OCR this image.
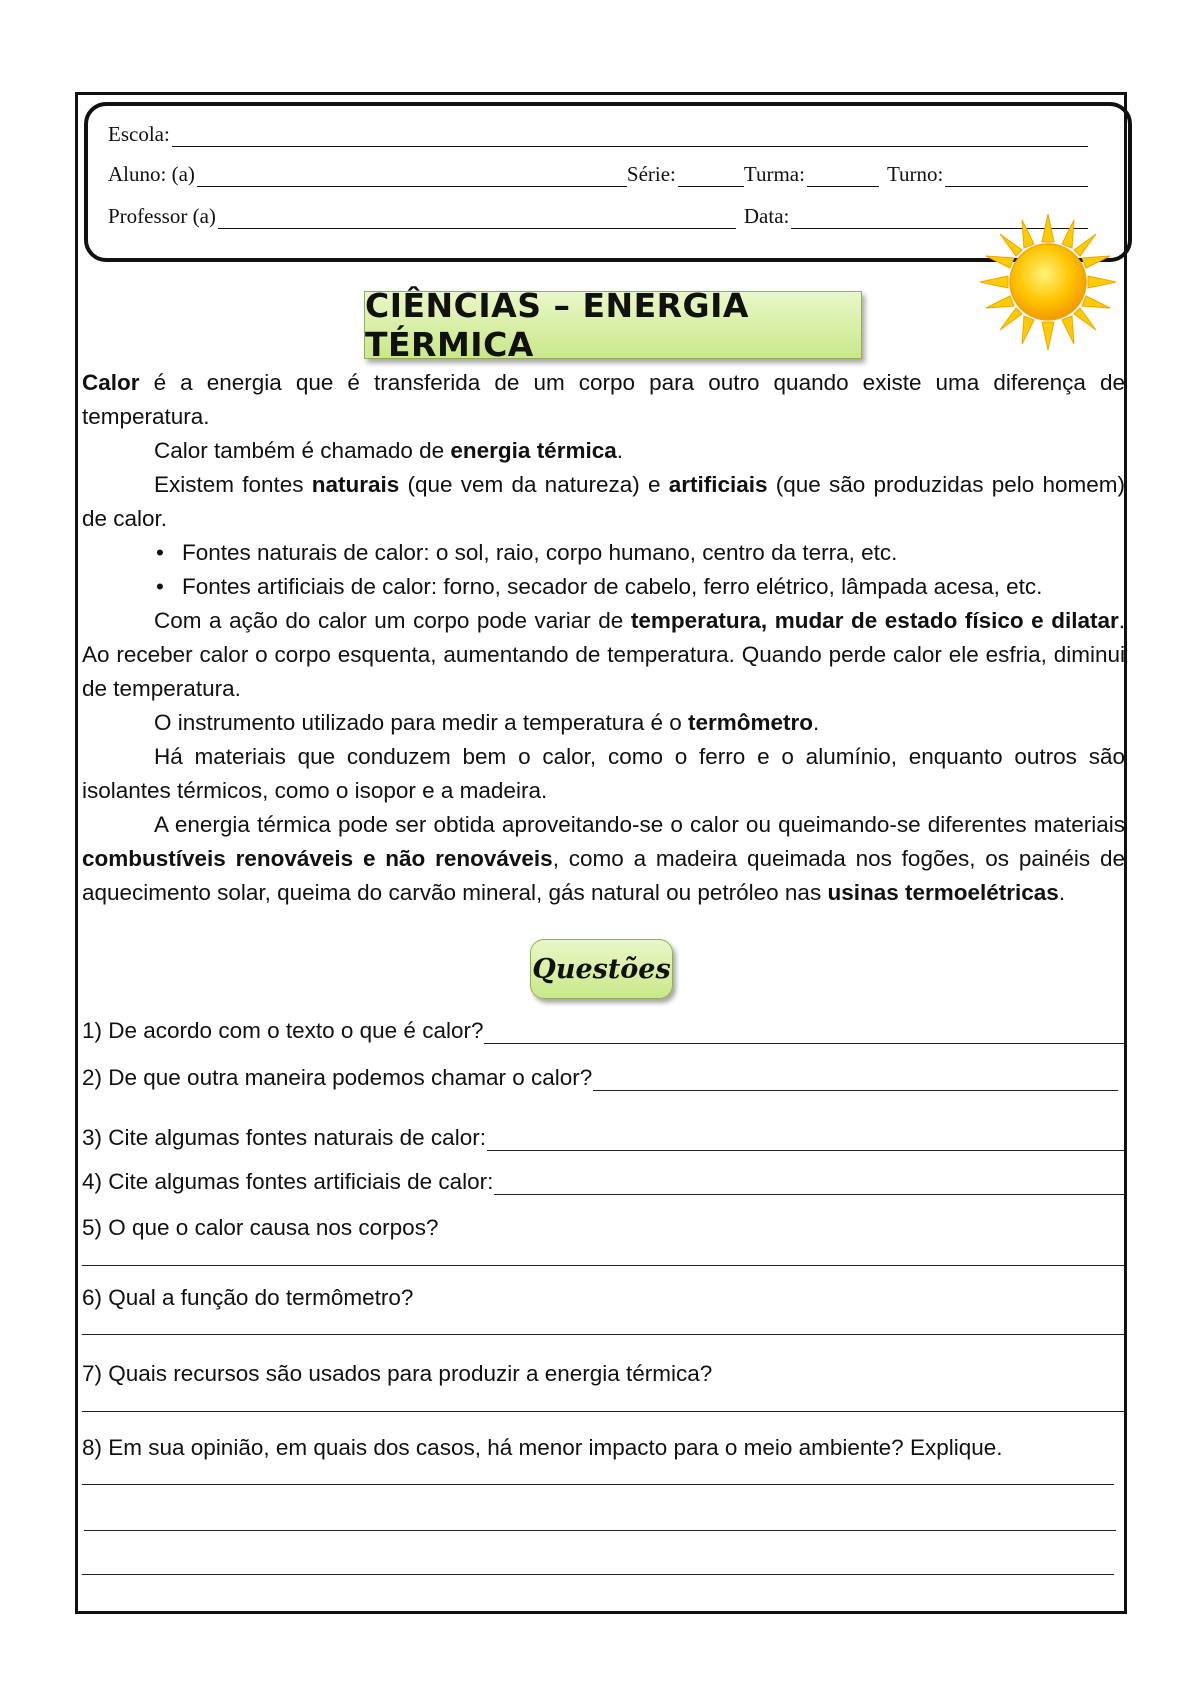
Escola:
Aluno: (a)	Série:	Turma:	Turno:
Professor (a)	Data:
CIÊNCIAS – ENERGIA TÉRMICA

Calor é a energia que é transferida de um corpo para outro quando existe uma diferença de temperatura.

Calor também é chamado de energia térmica.

Existem fontes naturais (que vem da natureza) e artificiais (que são produzidas pelo homem) de calor.

• Fontes naturais de calor: o sol, raio, corpo humano, centro da terra, etc.
• Fontes artificiais de calor: forno, secador de cabelo, ferro elétrico, lâmpada acesa, etc.

Com a ação do calor um corpo pode variar de temperatura, mudar de estado físico e dilatar. Ao receber calor o corpo esquenta, aumentando de temperatura. Quando perde calor ele esfria, diminui de temperatura.

O instrumento utilizado para medir a temperatura é o termômetro.

Há materiais que conduzem bem o calor, como o ferro e o alumínio, enquanto outros são isolantes térmicos, como o isopor e a madeira.

A energia térmica pode ser obtida aproveitando-se o calor ou queimando-se diferentes materiais combustíveis renováveis e não renováveis, como a madeira queimada nos fogões, os painéis de aquecimento solar, queima do carvão mineral, gás natural ou petróleo nas usinas termoelétricas.

Questões
1) De acordo com o texto o que é calor?
2) De que outra maneira podemos chamar o calor?
3) Cite algumas fontes naturais de calor:
4) Cite algumas fontes artificiais de calor:
5) O que o calor causa nos corpos?
6) Qual a função do termômetro?
7) Quais recursos são usados para produzir a energia térmica?
8) Em sua opinião, em quais dos casos, há menor impacto para o meio ambiente? Explique.
